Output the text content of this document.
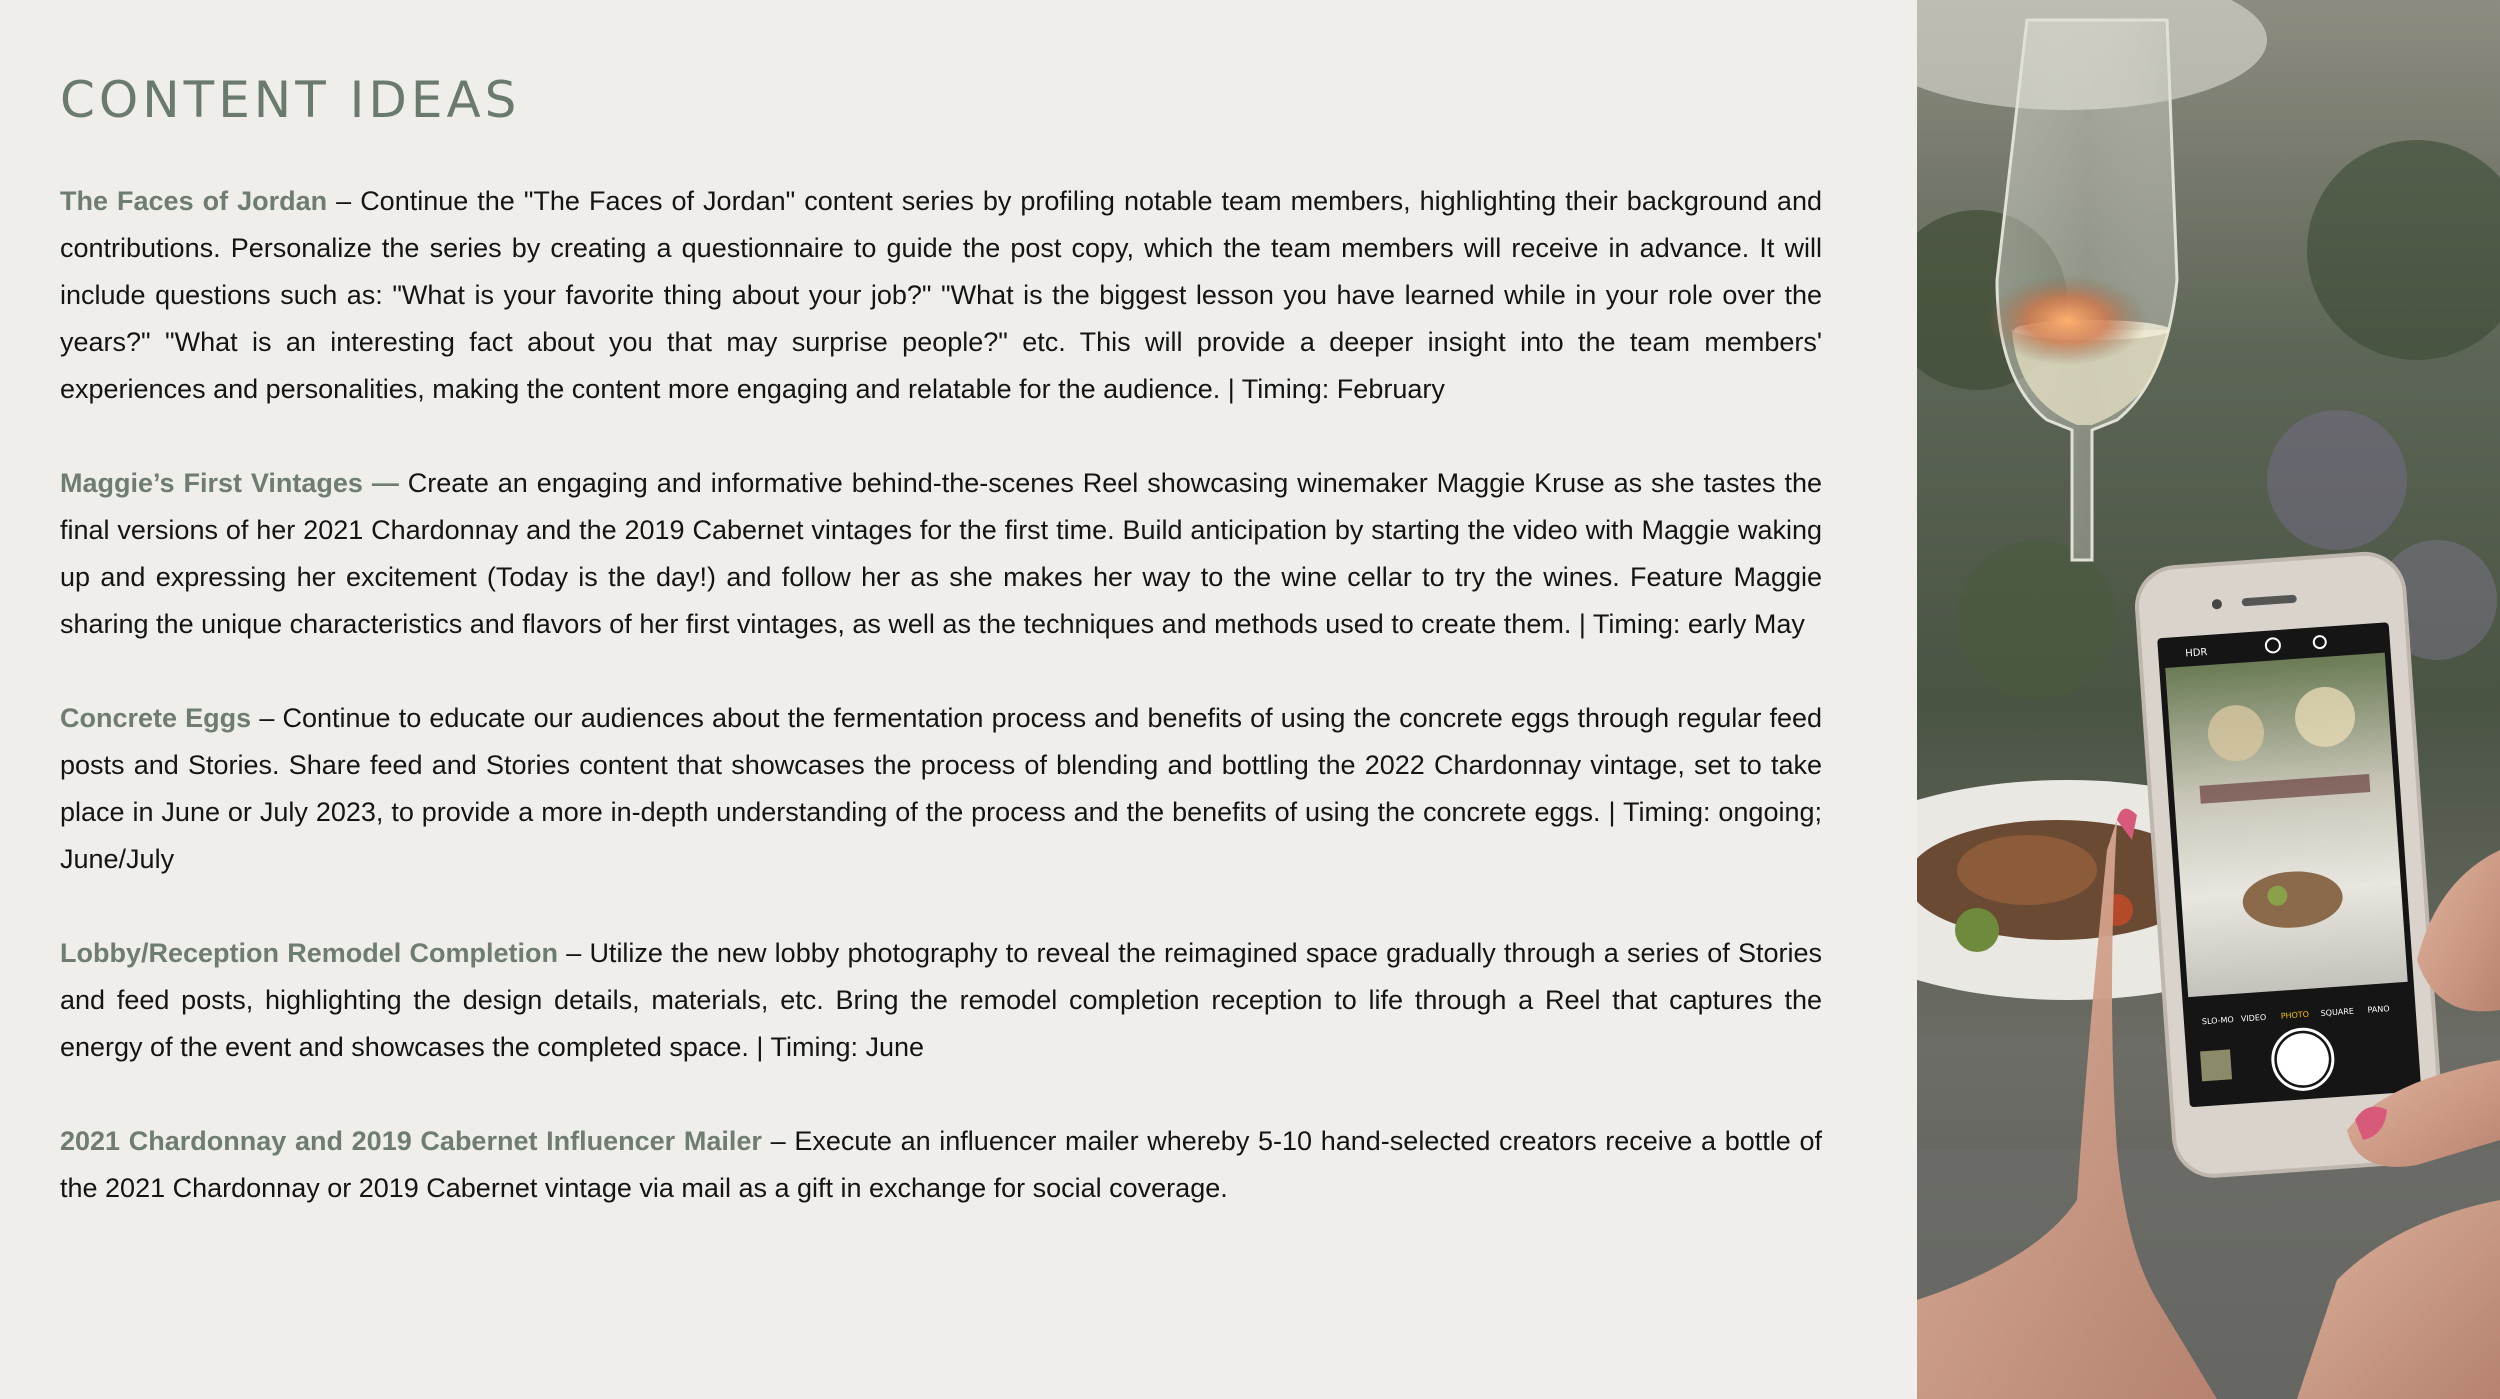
CONTENT IDEAS

The Faces of Jordan – Continue the "The Faces of Jordan" content series by profiling notable team members, highlighting their background and contributions. Personalize the series by creating a questionnaire to guide the post copy, which the team members will receive in advance. It will include questions such as: "What is your favorite thing about your job?" "What is the biggest lesson you have learned while in your role over the years?" "What is an interesting fact about you that may surprise people?" etc. This will provide a deeper insight into the team members' experiences and personalities, making the content more engaging and relatable for the audience. | Timing: February

Maggie’s First Vintages — Create an engaging and informative behind-the-scenes Reel showcasing winemaker Maggie Kruse as she tastes the final versions of her 2021 Chardonnay and the 2019 Cabernet vintages for the first time. Build anticipation by starting the video with Maggie waking up and expressing her excitement (Today is the day!) and follow her as she makes her way to the wine cellar to try the wines. Feature Maggie sharing the unique characteristics and flavors of her first vintages, as well as the techniques and methods used to create them. | Timing: early May

Concrete Eggs – Continue to educate our audiences about the fermentation process and benefits of using the concrete eggs through regular feed posts and Stories. Share feed and Stories content that showcases the process of blending and bottling the 2022 Chardonnay vintage, set to take place in June or July 2023, to provide a more in-depth understanding of the process and the benefits of using the concrete eggs. | Timing: ongoing; June/July

Lobby/Reception Remodel Completion – Utilize the new lobby photography to reveal the reimagined space gradually through a series of Stories and feed posts, highlighting the design details, materials, etc. Bring the remodel completion reception to life through a Reel that captures the energy of the event and showcases the completed space. | Timing: June

2021 Chardonnay and 2019 Cabernet Influencer Mailer – Execute an influencer mailer whereby 5-10 hand-selected creators receive a bottle of the 2021 Chardonnay or 2019 Cabernet vintage via mail as a gift in exchange for social coverage.

HDR
SLO-MO VIDEO PHOTO SQUARE PANO
